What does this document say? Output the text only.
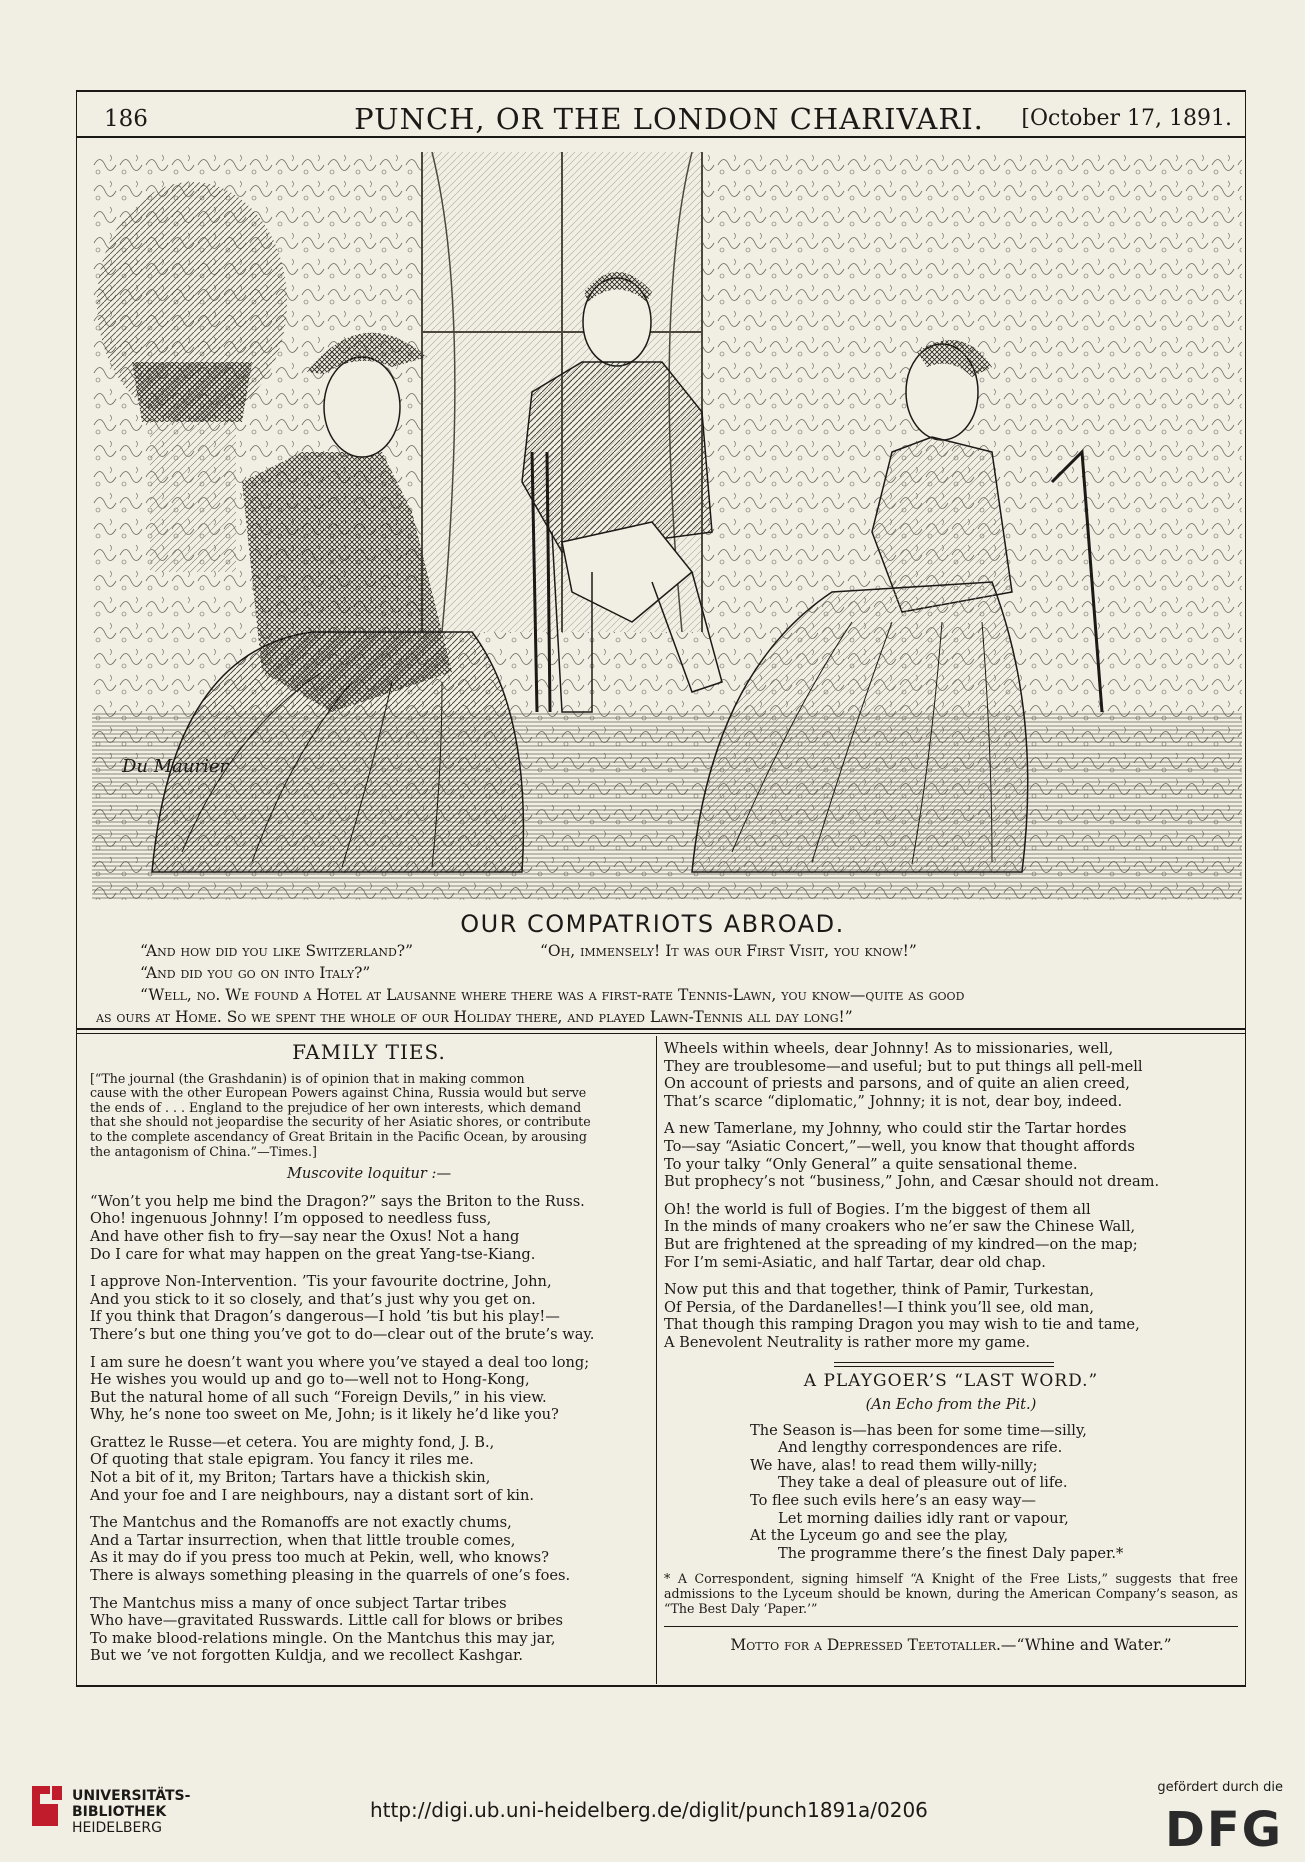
186	PUNCH, OR THE LONDON CHARIVARI.	[October 17, 1891.
Du Maurier
OUR COMPATRIOTS ABROAD.
“And how did you like Switzerland?”	“Oh, immensely! It was our First Visit, you know!”
“And did you go on into Italy?”
“Well, no. We found a Hotel at Lausanne where there was a first-rate Tennis-Lawn, you know—quite as good
as ours at Home. So we spent the whole of our Holiday there, and played Lawn-Tennis all day long!”
FAMILY TIES.

[“The journal (the Grashdanin) is of opinion that in making common
cause with the other European Powers against China, Russia would but serve
the ends of . . . England to the prejudice of her own interests, which demand
that she should not jeopardise the security of her Asiatic shores, or contribute
to the complete ascendancy of Great Britain in the Pacific Ocean, by arousing
the antagonism of China.”—Times.]

Muscovite loquitur :—

“Won’t you help me bind the Dragon?” says the Briton to the Russ.
Oho! ingenuous Johnny! I’m opposed to needless fuss,
And have other fish to fry—say near the Oxus! Not a hang
Do I care for what may happen on the great Yang-tse-Kiang.

I approve Non-Intervention. ’Tis your favourite doctrine, John,
And you stick to it so closely, and that’s just why you get on.
If you think that Dragon’s dangerous—I hold ’tis but his play!—
There’s but one thing you’ve got to do—clear out of the brute’s way.

I am sure he doesn’t want you where you’ve stayed a deal too long;
He wishes you would up and go to—well not to Hong-Kong,
But the natural home of all such “Foreign Devils,” in his view.
Why, he’s none too sweet on Me, John; is it likely he’d like you?

Grattez le Russe—et cetera. You are mighty fond, J. B.,
Of quoting that stale epigram. You fancy it riles me.
Not a bit of it, my Briton; Tartars have a thickish skin,
And your foe and I are neighbours, nay a distant sort of kin.

The Mantchus and the Romanoffs are not exactly chums,
And a Tartar insurrection, when that little trouble comes,
As it may do if you press too much at Pekin, well, who knows?
There is always something pleasing in the quarrels of one’s foes.

The Mantchus miss a many of once subject Tartar tribes
Who have—gravitated Russwards. Little call for blows or bribes
To make blood-relations mingle. On the Mantchus this may jar,
But we ’ve not forgotten Kuldja, and we recollect Kashgar.

Wheels within wheels, dear Johnny! As to missionaries, well,
They are troublesome—and useful; but to put things all pell-mell
On account of priests and parsons, and of quite an alien creed,
That’s scarce “diplomatic,” Johnny; it is not, dear boy, indeed.

A new Tamerlane, my Johnny, who could stir the Tartar hordes
To—say “Asiatic Concert,”—well, you know that thought affords
To your talky “Only General” a quite sensational theme.
But prophecy’s not “business,” John, and Cæsar should not dream.

Oh! the world is full of Bogies. I’m the biggest of them all
In the minds of many croakers who ne’er saw the Chinese Wall,
But are frightened at the spreading of my kindred—on the map;
For I’m semi-Asiatic, and half Tartar, dear old chap.

Now put this and that together, think of Pamir, Turkestan,
Of Persia, of the Dardanelles!—I think you’ll see, old man,
That though this ramping Dragon you may wish to tie and tame,
A Benevolent Neutrality is rather more my game.

A PLAYGOER’S “LAST WORD.”

(An Echo from the Pit.)

The Season is—has been for some time—silly,
And lengthy correspondences are rife.
We have, alas! to read them willy-nilly;
They take a deal of pleasure out of life.
To flee such evils here’s an easy way—
Let morning dailies idly rant or vapour,
At the Lyceum go and see the play,
The programme there’s the finest Daly paper.*

* A Correspondent, signing himself “A Knight of the Free Lists,” suggests that free admissions to the Lyceum should be known, during the American Company’s season, as “The Best Daly ‘Paper.’”

Motto for a Depressed Teetotaller.—“Whine and Water.”

UNIVERSITÄTS-
BIBLIOTHEK
HEIDELBERG
http://digi.ub.uni-heidelberg.de/diglit/punch1891a/0206
gefördert durch die
DFG
